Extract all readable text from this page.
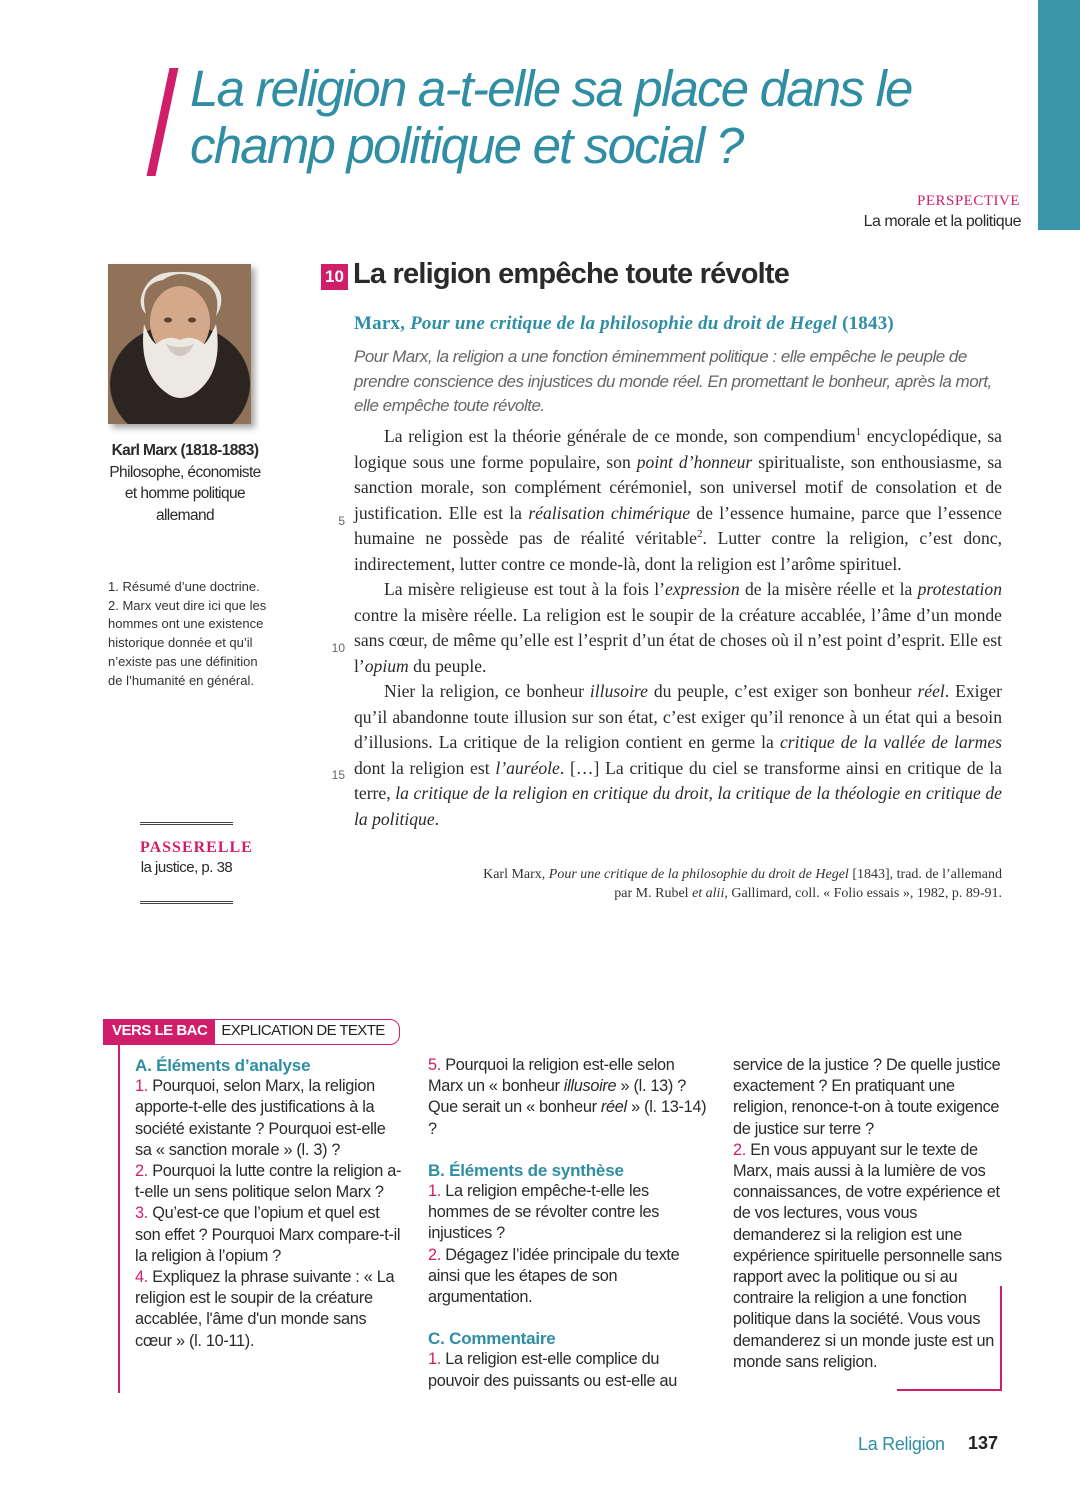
La religion a-t-elle sa place dans le champ politique et social ?
PERSPECTIVE
La morale et la politique
Karl Marx (1818-1883)
Philosophe, économiste et homme politique allemand
1. Résumé d’une doctrine.
2. Marx veut dire ici que les hommes ont une existence historique donnée et qu’il n’existe pas une définition de l’humanité en général.
PASSERELLE
la justice, p. 38
10 La religion empêche toute révolte
Marx, Pour une critique de la philosophie du droit de Hegel (1843)
Pour Marx, la religion a une fonction éminemment politique : elle empêche le peuple de prendre conscience des injustices du monde réel. En promettant le bonheur, après la mort, elle empêche toute révolte.
5
10
15

La religion est la théorie générale de ce monde, son compendium$^1$ encyclopédique, sa logique sous une forme populaire, son point d’honneur spiritualiste, son enthousiasme, sa sanction morale, son complément cérémoniel, son universel motif de consolation et de justification. Elle est la réalisation chimérique de l’essence humaine, parce que l’essence humaine ne possède pas de réalité véritable$^2$. Lutter contre la religion, c’est donc, indirectement, lutter contre ce monde-là, dont la religion est l’arôme spirituel.

La misère religieuse est tout à la fois l’expression de la misère réelle et la protestation contre la misère réelle. La religion est le soupir de la créature accablée, l’âme d’un monde sans cœur, de même qu’elle est l’esprit d’un état de choses où il n’est point d’esprit. Elle est l’opium du peuple.

Nier la religion, ce bonheur illusoire du peuple, c’est exiger son bonheur réel. Exiger qu’il abandonne toute illusion sur son état, c’est exiger qu’il renonce à un état qui a besoin d’illusions. La critique de la religion contient en germe la critique de la vallée de larmes dont la religion est l’auréole. […] La critique du ciel se transforme ainsi en critique de la terre, la critique de la religion en critique du droit, la critique de la théologie en critique de la politique.

Karl Marx, Pour une critique de la philosophie du droit de Hegel [1843], trad. de l’allemand
par M. Rubel et alii, Gallimard, coll. « Folio essais », 1982, p. 89-91.
VERS LE BAC EXPLICATION DE TEXTE
A. Éléments d’analyse

1. Pourquoi, selon Marx, la religion apporte-t-elle des justifications à la société existante ? Pourquoi est-elle sa « sanction morale » (l. 3) ?

2. Pourquoi la lutte contre la religion a-t-elle un sens politique selon Marx ?

3. Qu’est-ce que l’opium et quel est son effet ? Pourquoi Marx compare-t-il la religion à l’opium ?

4. Expliquez la phrase suivante : « La religion est le soupir de la créature accablée, l'âme d'un monde sans cœur » (l. 10-11).

5. Pourquoi la religion est-elle selon Marx un « bonheur illusoire » (l. 13) ? Que serait un « bonheur réel » (l. 13-14) ?

B. Éléments de synthèse

1. La religion empêche-t-elle les hommes de se révolter contre les injustices ?

2. Dégagez l’idée principale du texte ainsi que les étapes de son argumentation.

C. Commentaire

1. La religion est-elle complice du pouvoir des puissants ou est-elle au

service de la justice ? De quelle justice exactement ? En pratiquant une religion, renonce-t-on à toute exigence de justice sur terre ?

2. En vous appuyant sur le texte de Marx, mais aussi à la lumière de vos connaissances, de votre expérience et de vos lectures, vous vous demanderez si la religion est une expérience spirituelle personnelle sans rapport avec la politique ou si au contraire la religion a une fonction politique dans la société. Vous vous demanderez si un monde juste est un monde sans religion.

La Religion 137
